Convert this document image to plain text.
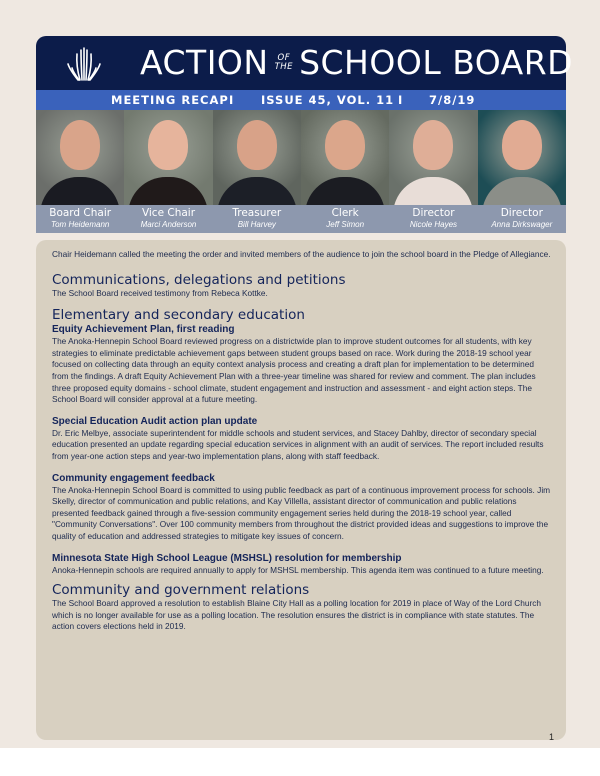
ACTION	OF
THE SCHOOL BOARD
MEETING RECAP I ISSUE 45, VOL. 11 I 7/8/19
Board Chair
Tom Heidemann
Vice Chair
Marci Anderson
Treasurer
Bill Harvey
Clerk
Jeff Simon
Director
Nicole Hayes
Director
Anna Dirkswager

Chair Heidemann called the meeting the order and invited members of the audience to join the school board in the Pledge of Allegiance.

Communications, delegations and petitions

The School Board received testimony from Rebeca Kottke.

Elementary and secondary education
Equity Achievement Plan, first reading

The Anoka-Hennepin School Board reviewed progress on a districtwide plan to improve student outcomes for all students, with key strategies to eliminate predictable achievement gaps between student groups based on race. Work during the 2018-19 school year focused on collecting data through an equity context analysis process and creating a draft plan for implementation to be determined from the findings. A draft Equity Achievement Plan with a three-year timeline was shared for review and comment. The plan includes three proposed equity domains - school climate, student engagement and instruction and assessment - and eight action steps. The School Board will consider approval at a future meeting.

Special Education Audit action plan update

Dr. Eric Melbye, associate superintendent for middle schools and student services, and Stacey Dahlby, director of secondary special education presented an update regarding special education services in alignment with an audit of services. The report included results from year-one action steps and year-two implementation plans, along with staff feedback.

Community engagement feedback

The Anoka-Hennepin School Board is committed to using public feedback as part of a continuous improvement process for schools. Jim Skelly, director of communication and public relations, and Kay Villella, assistant director of communication and public relations presented feedback gained through a five-session community engagement series held during the 2018-19 school year, called "Community Conversations". Over 100 community members from throughout the district provided ideas and suggestions to improve the quality of education and addressed strategies to mitigate key issues of concern.

Minnesota State High School League (MSHSL) resolution for membership

Anoka-Hennepin schools are required annually to apply for MSHSL membership. This agenda item was continued to a future meeting.

Community and government relations

The School Board approved a resolution to establish Blaine City Hall as a polling location for 2019 in place of Way of the Lord Church which is no longer available for use as a polling location. The resolution ensures the district is in compliance with state statutes. The action covers elections held in 2019.

1
